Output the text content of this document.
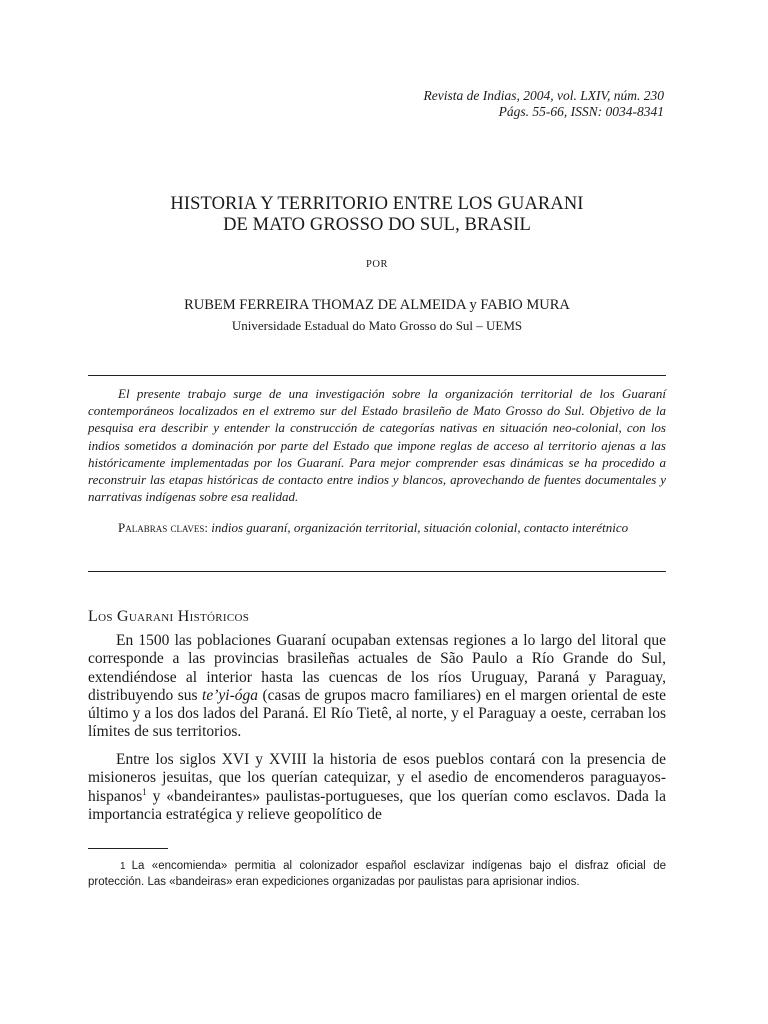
Revista de Indias, 2004, vol. LXIV, núm. 230
Págs. 55-66, ISSN: 0034-8341
HISTORIA Y TERRITORIO ENTRE LOS GUARANI
DE MATO GROSSO DO SUL, BRASIL
POR
RUBEM FERREIRA THOMAZ DE ALMEIDA y FABIO MURA
Universidade Estadual do Mato Grosso do Sul – UEMS

El presente trabajo surge de una investigación sobre la organización territorial de los Guaraní contemporáneos localizados en el extremo sur del Estado brasileño de Mato Grosso do Sul. Objetivo de la pesquisa era describir y entender la construcción de categorías nativas en situación neo-colonial, con los indios sometidos a dominación por parte del Estado que impone reglas de acceso al territorio ajenas a las históricamente implementadas por los Guaraní. Para mejor comprender esas dinámicas se ha procedido a reconstruir las etapas históricas de contacto entre indios y blancos, aprovechando de fuentes documentales y narrativas indígenas sobre esa realidad.

Palabras claves: indios guaraní, organización territorial, situación colonial, contacto interétnico

Los Guarani Históricos

En 1500 las poblaciones Guaraní ocupaban extensas regiones a lo largo del litoral que corresponde a las provincias brasileñas actuales de São Paulo a Río Grande do Sul, extendiéndose al interior hasta las cuencas de los ríos Uruguay, Paraná y Paraguay, distribuyendo sus te’yi-óga (casas de grupos macro familiares) en el margen oriental de este último y a los dos lados del Paraná. El Río Tietê, al norte, y el Paraguay a oeste, cerraban los límites de sus territorios.

Entre los siglos XVI y XVIII la historia de esos pueblos contará con la presencia de misioneros jesuitas, que los querían catequizar, y el asedio de encomenderos paraguayos-hispanos$^1$ y «bandeirantes» paulistas-portugueses, que los querían como esclavos. Dada la importancia estratégica y relieve geopolítico de

1 La «encomienda» permitia al colonizador español esclavizar indígenas bajo el disfraz oficial de protección. Las «bandeiras» eran expediciones organizadas por paulistas para aprisionar indios.
